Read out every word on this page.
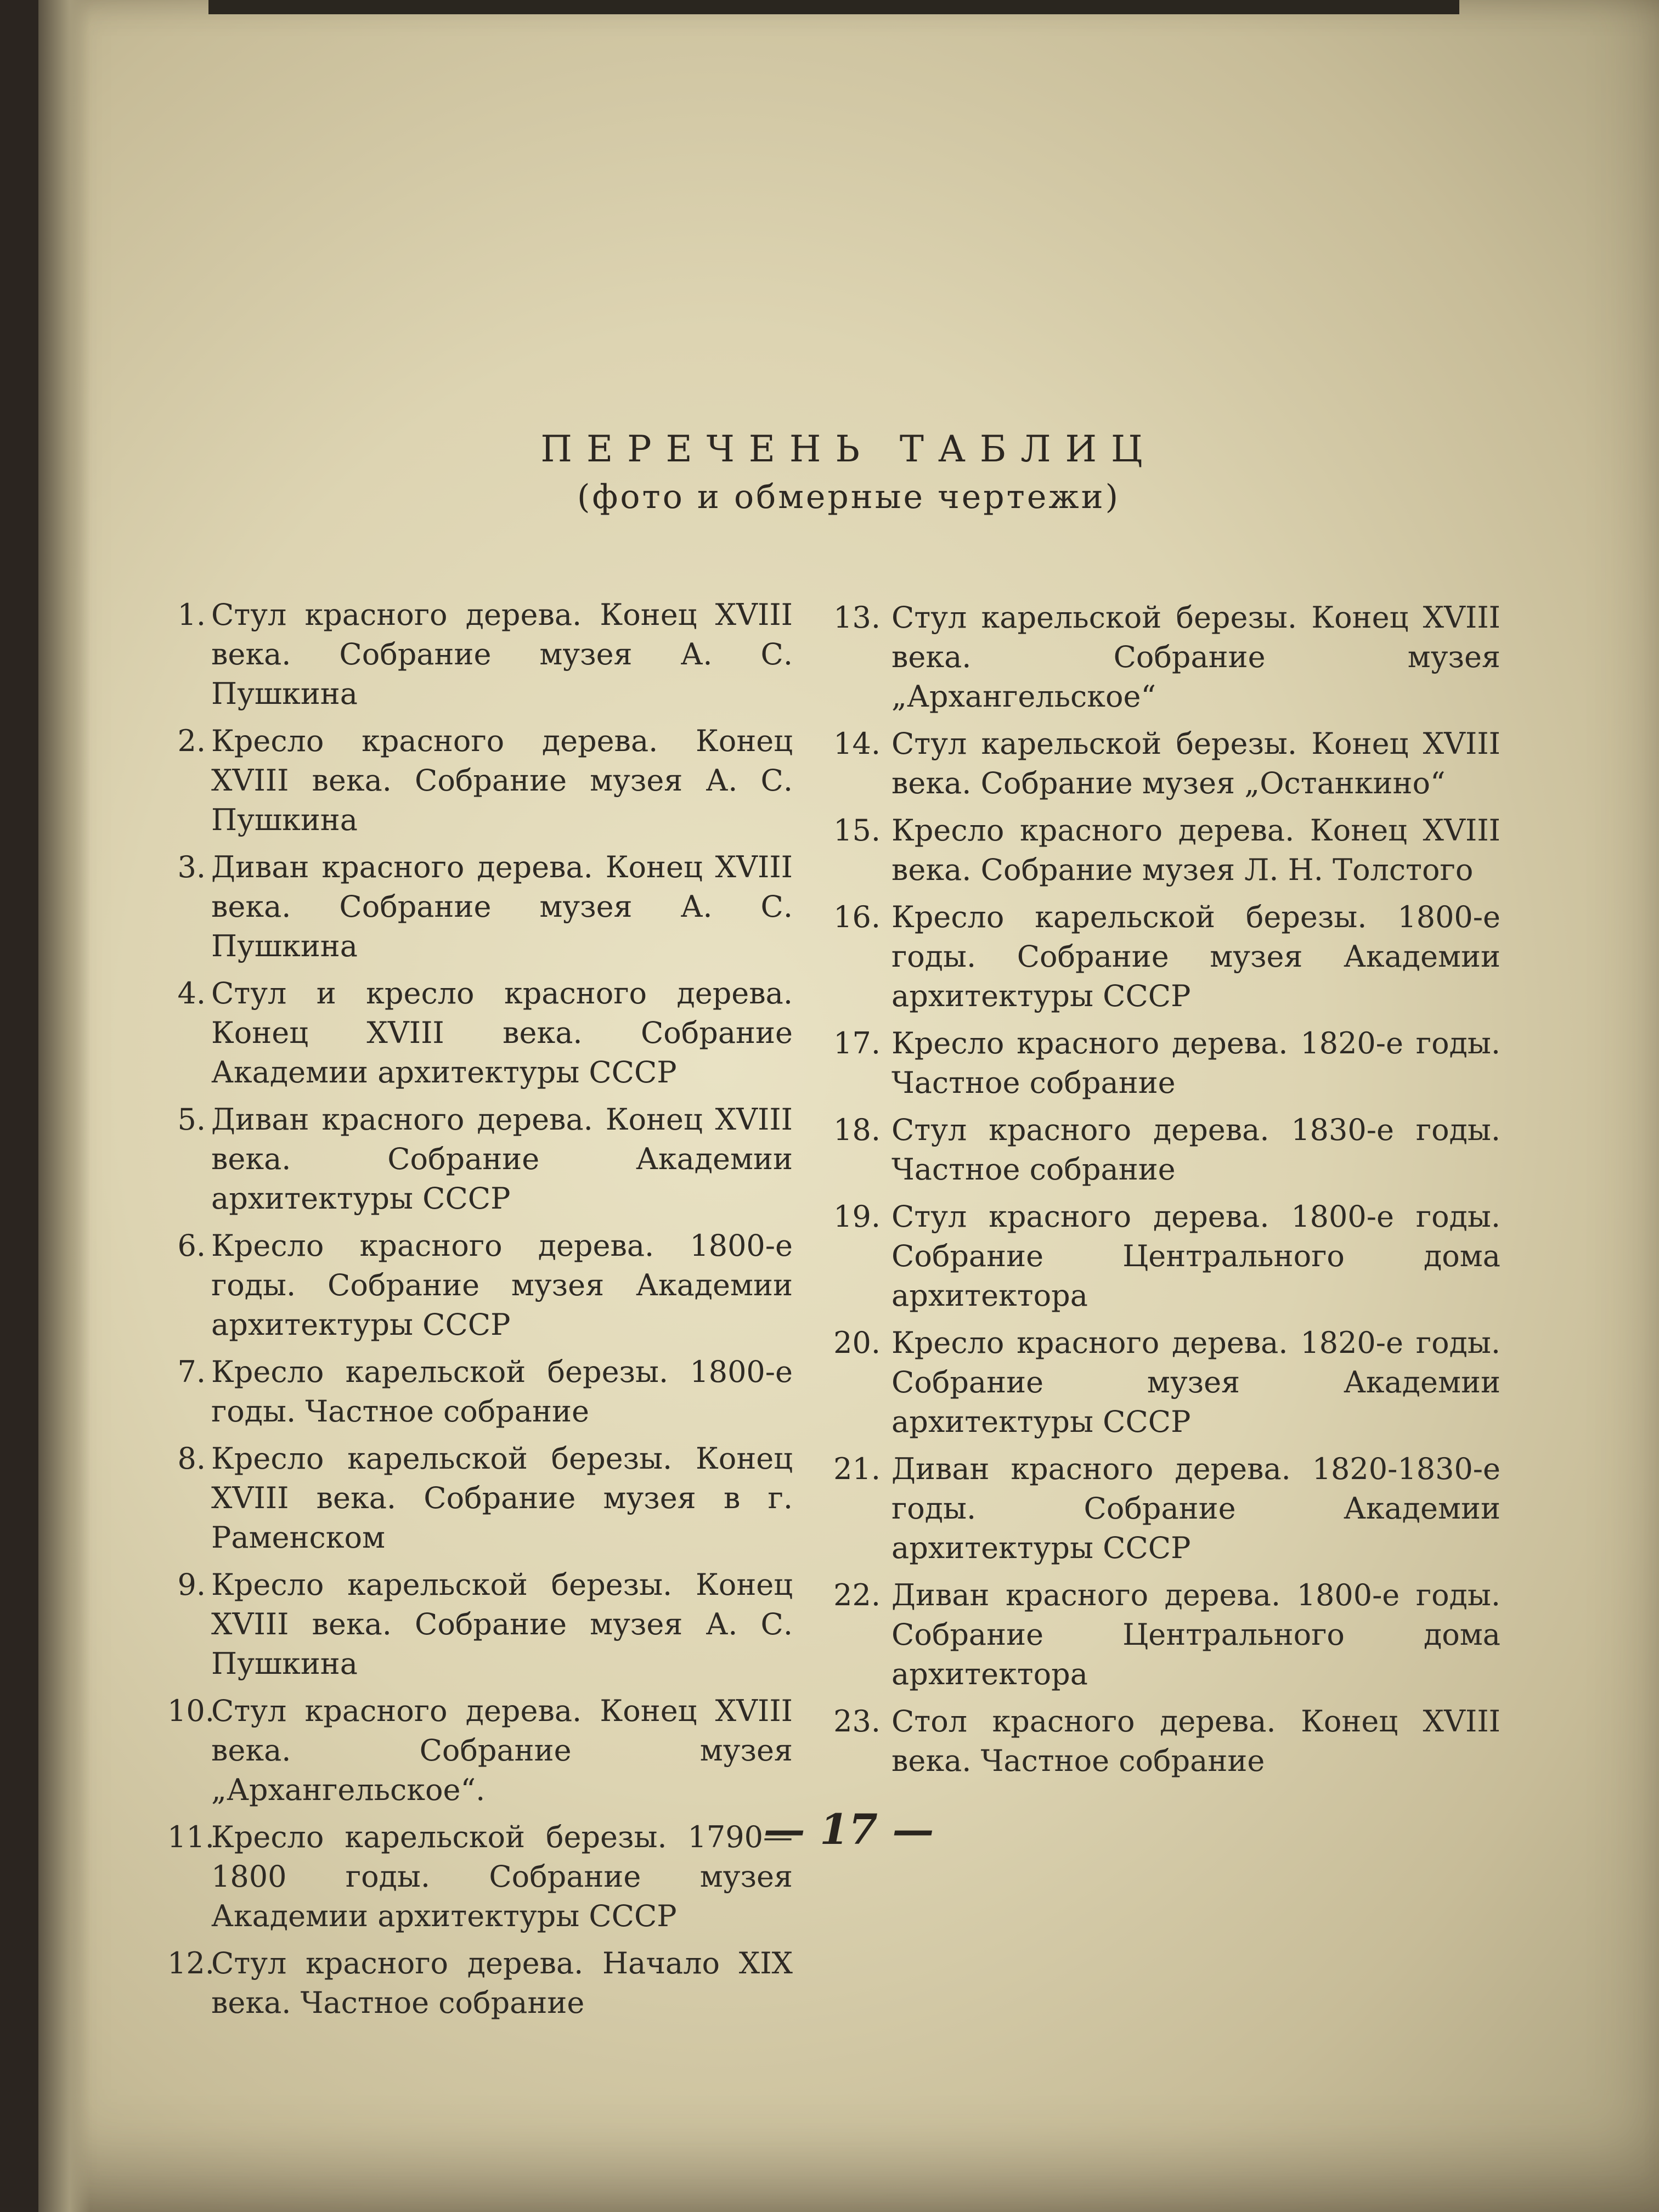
ПЕРЕЧЕНЬ ТАБЛИЦ
(фото и обмерные чертежи)
1. Стул красного дерева. Конец XVIII века. Собрание музея А. С. Пушкина
2. Кресло красного дерева. Конец XVIII века. Собрание музея А. С. Пушкина
3. Диван красного дерева. Конец XVIII века. Собрание музея А. С. Пушкина
4. Стул и кресло красного дерева. Конец XVIII века. Собрание Академии архитектуры СССР
5. Диван красного дерева. Конец XVIII века. Собрание Академии архитектуры СССР
6. Кресло красного дерева. 1800-е годы. Собрание музея Академии архитектуры СССР
7. Кресло карельской березы. 1800-е годы. Частное собрание
8. Кресло карельской березы. Конец XVIII века. Собрание музея в г. Раменском
9. Кресло карельской березы. Конец XVIII века. Собрание музея А. С. Пушкина
10.
Стул красного дерева. Конец XVIII века. Собрание музея „Архангельское“.
11.
Кресло карельской березы. 1790—1800 годы. Собрание музея Академии архитектуры СССР
12.
Стул красного дерева. Начало XIX века. Частное собрание
13. Стул карельской березы. Конец XVIII века. Собрание музея „Архангельское“
14. Стул карельской березы. Конец XVIII века. Собрание музея „Останкино“
15. Кресло красного дерева. Конец XVIII века. Собрание музея Л. Н. Толстого
16. Кресло карельской березы. 1800-е годы. Собрание музея Академии архитектуры СССР
17. Кресло красного дерева. 1820-е годы. Частное собрание
18. Стул красного дерева. 1830-е годы. Частное собрание
19. Стул красного дерева. 1800-е годы. Собрание Центрального дома архитектора
20. Кресло красного дерева. 1820-е годы. Собрание музея Академии архитектуры СССР
21. Диван красного дерева. 1820-1830-е годы. Собрание Академии архитектуры СССР
22. Диван красного дерева. 1800-е годы. Собрание Центрального дома архитектора
23. Стол красного дерева. Конец XVIII века. Частное собрание
— 17 —
